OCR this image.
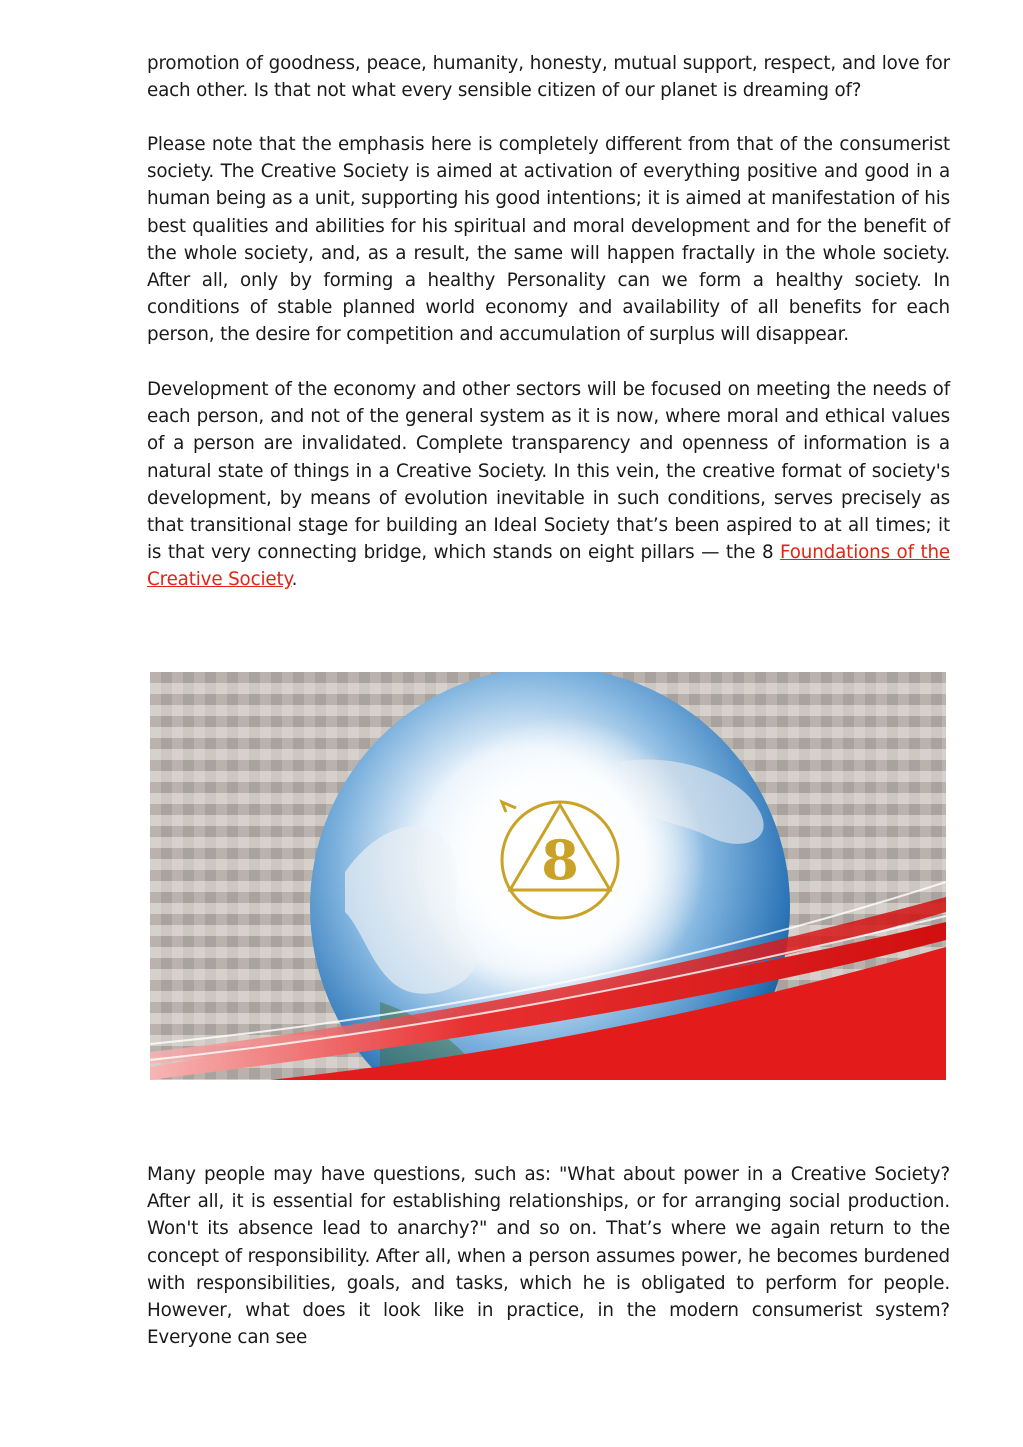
promotion of goodness, peace, humanity, honesty, mutual support, respect, and love for each other. Is that not what every sensible citizen of our planet is dreaming of?

Please note that the emphasis here is completely different from that of the consumerist society. The Creative Society is aimed at activation of everything positive and good in a human being as a unit, supporting his good intentions; it is aimed at manifestation of his best qualities and abilities for his spiritual and moral development and for the benefit of the whole society, and, as a result, the same will happen fractally in the whole society. After all, only by forming a healthy Personality can we form a healthy society. In conditions of stable planned world economy and availability of all benefits for each person, the desire for competition and accumulation of surplus will disappear.

Development of the economy and other sectors will be focused on meeting the needs of each person, and not of the general system as it is now, where moral and ethical values of a person are invalidated. Complete transparency and openness of information is a natural state of things in a Creative Society. In this vein, the creative format of society's development, by means of evolution inevitable in such conditions, serves precisely as that transitional stage for building an Ideal Society that’s been aspired to at all times; it is that very connecting bridge, which stands on eight pillars — the 8 Foundations of the Creative Society.

8

Many people may have questions, such as: "What about power in a Creative Society? After all, it is essential for establishing relationships, or for arranging social production. Won't its absence lead to anarchy?" and so on. That’s where we again return to the concept of responsibility. After all, when a person assumes power, he becomes burdened with responsibilities, goals, and tasks, which he is obligated to perform for people. However, what does it look like in practice, in the modern consumerist system? Everyone can see
